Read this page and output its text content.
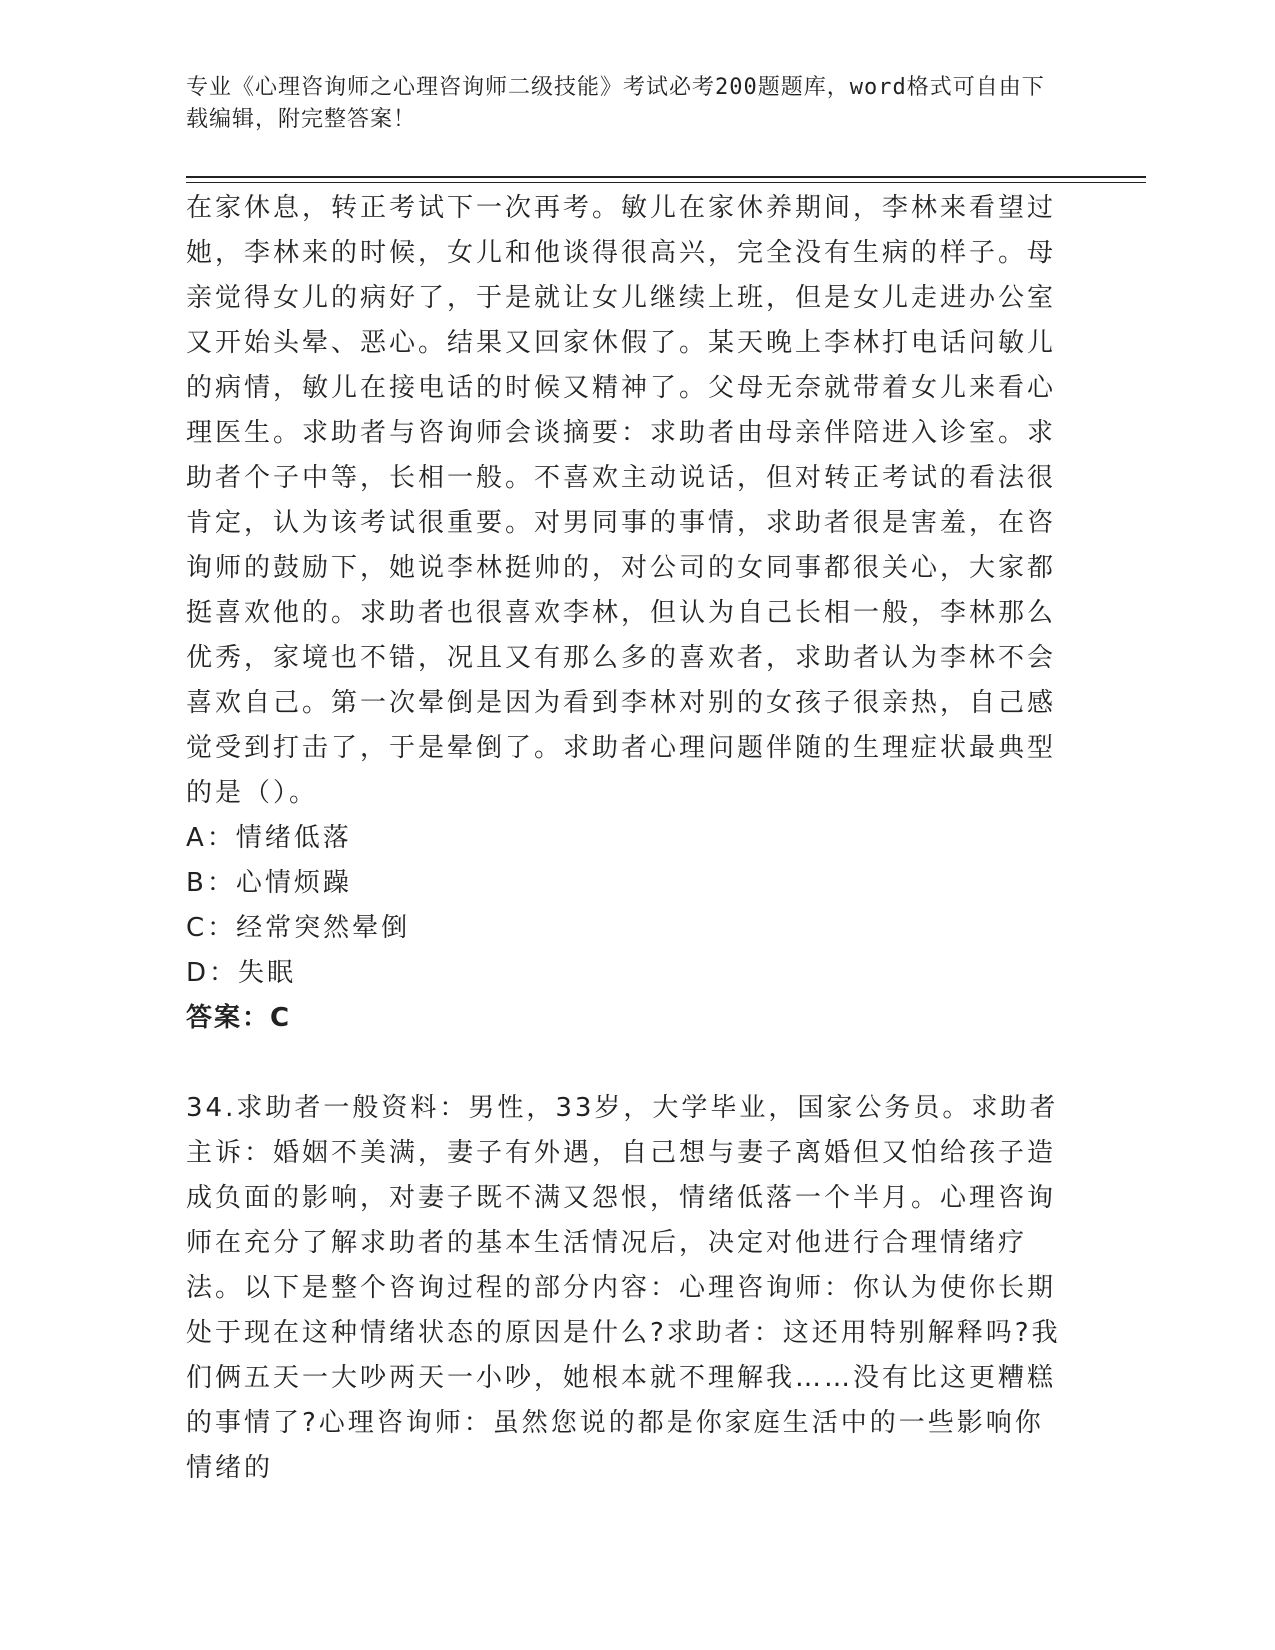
专业《心理咨询师之心理咨询师二级技能》考试必考200题题库，word格式可自由下载编辑，附完整答案！

在家休息，转正考试下一次再考。敏儿在家休养期间，李林来看望过她，李林来的时候，女儿和他谈得很高兴，完全没有生病的样子。母亲觉得女儿的病好了，于是就让女儿继续上班，但是女儿走进办公室又开始头晕、恶心。结果又回家休假了。某天晚上李林打电话问敏儿的病情，敏儿在接电话的时候又精神了。父母无奈就带着女儿来看心理医生。求助者与咨询师会谈摘要：求助者由母亲伴陪进入诊室。求助者个子中等，长相一般。不喜欢主动说话，但对转正考试的看法很肯定，认为该考试很重要。对男同事的事情，求助者很是害羞，在咨询师的鼓励下，她说李林挺帅的，对公司的女同事都很关心，大家都挺喜欢他的。求助者也很喜欢李林，但认为自己长相一般，李林那么优秀，家境也不错，况且又有那么多的喜欢者，求助者认为李林不会喜欢自己。第一次晕倒是因为看到李林对别的女孩子很亲热，自己感觉受到打击了，于是晕倒了。求助者心理问题伴随的生理症状最典型的是（）。

A：情绪低落

B：心情烦躁

C：经常突然晕倒

D：失眠

答案：C

34.求助者一般资料：男性，33岁，大学毕业，国家公务员。求助者主诉：婚姻不美满，妻子有外遇，自己想与妻子离婚但又怕给孩子造成负面的影响，对妻子既不满又怨恨，情绪低落一个半月。心理咨询师在充分了解求助者的基本生活情况后，决定对他进行合理情绪疗法。以下是整个咨询过程的部分内容：心理咨询师：你认为使你长期处于现在这种情绪状态的原因是什么?求助者：这还用特别解释吗?我们俩五天一大吵两天一小吵，她根本就不理解我……没有比这更糟糕的事情了?心理咨询师：虽然您说的都是你家庭生活中的一些影响你情绪的
